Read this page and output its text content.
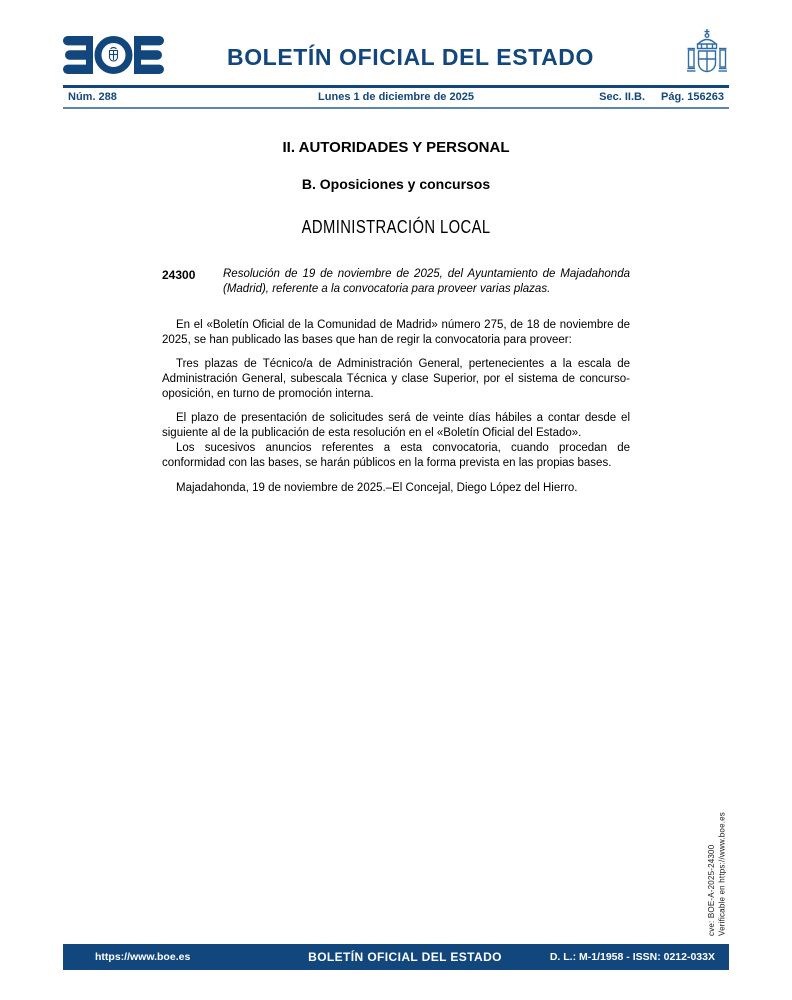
BOLETÍN OFICIAL DEL ESTADO
Núm. 288	Lunes 1 de diciembre de 2025	Sec. II.B. Pág. 156263
II. AUTORIDADES Y PERSONAL
B. Oposiciones y concursos
ADMINISTRACIÓN LOCAL
24300	Resolución de 19 de noviembre de 2025, del Ayuntamiento de Majadahonda (Madrid), referente a la convocatoria para proveer varias plazas.

En el «Boletín Oficial de la Comunidad de Madrid» número 275, de 18 de noviembre de 2025, se han publicado las bases que han de regir la convocatoria para proveer:

Tres plazas de Técnico/a de Administración General, pertenecientes a la escala de Administración General, subescala Técnica y clase Superior, por el sistema de concurso-oposición, en turno de promoción interna.

El plazo de presentación de solicitudes será de veinte días hábiles a contar desde el siguiente al de la publicación de esta resolución en el «Boletín Oficial del Estado».

Los sucesivos anuncios referentes a esta convocatoria, cuando procedan de conformidad con las bases, se harán públicos en la forma prevista en las propias bases.

Majadahonda, 19 de noviembre de 2025.–El Concejal, Diego López del Hierro.

cve: BOE-A-2025-24300 Verificable en https://www.boe.es
https://www.boe.es	BOLETÍN OFICIAL DEL ESTADO	D. L.: M-1/1958 - ISSN: 0212-033X
